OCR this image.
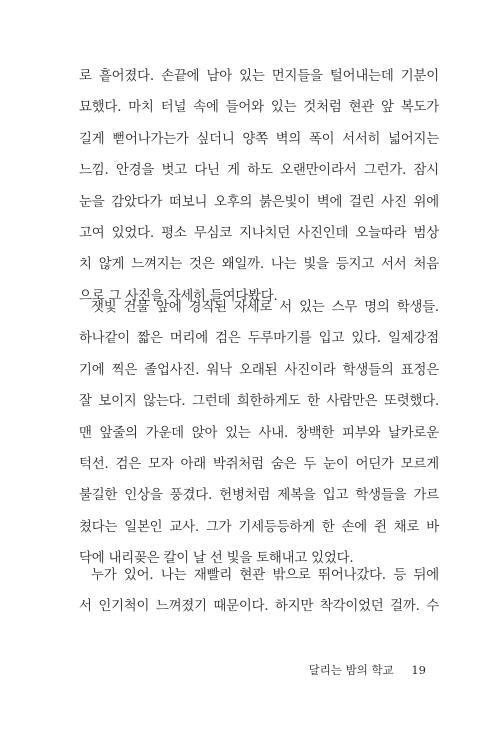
로 흩어졌다. 손끝에 남아 있는 먼지들을 털어내는데 기분이
묘했다. 마치 터널 속에 들어와 있는 것처럼 현관 앞 복도가
길게 뻗어나가는가 싶더니 양쪽 벽의 폭이 서서히 넓어지는
느낌. 안경을 벗고 다닌 게 하도 오랜만이라서 그런가. 잠시
눈을 감았다가 떠보니 오후의 붉은빛이 벽에 걸린 사진 위에
고여 있었다. 평소 무심코 지나치던 사진인데 오늘따라 범상
치 않게 느껴지는 것은 왜일까. 나는 빛을 등지고 서서 처음
으로 그 사진을 자세히 들여다봤다.
잿빛 건물 앞에 경직된 자세로 서 있는 스무 명의 학생들.
하나같이 짧은 머리에 검은 두루마기를 입고 있다. 일제강점
기에 찍은 졸업사진. 워낙 오래된 사진이라 학생들의 표정은
잘 보이지 않는다. 그런데 희한하게도 한 사람만은 또렷했다.
맨 앞줄의 가운데 앉아 있는 사내. 창백한 피부와 날카로운
턱선. 검은 모자 아래 박쥐처럼 숨은 두 눈이 어딘가 모르게
불길한 인상을 풍겼다. 헌병처럼 제복을 입고 학생들을 가르
쳤다는 일본인 교사. 그가 기세등등하게 한 손에 쥔 채로 바
닥에 내리꽂은 칼이 날 선 빛을 토해내고 있었다.
누가 있어. 나는 재빨리 현관 밖으로 뛰어나갔다. 등 뒤에
서 인기척이 느껴졌기 때문이다. 하지만 착각이었던 걸까. 수
달리는 밤의 학교 19
